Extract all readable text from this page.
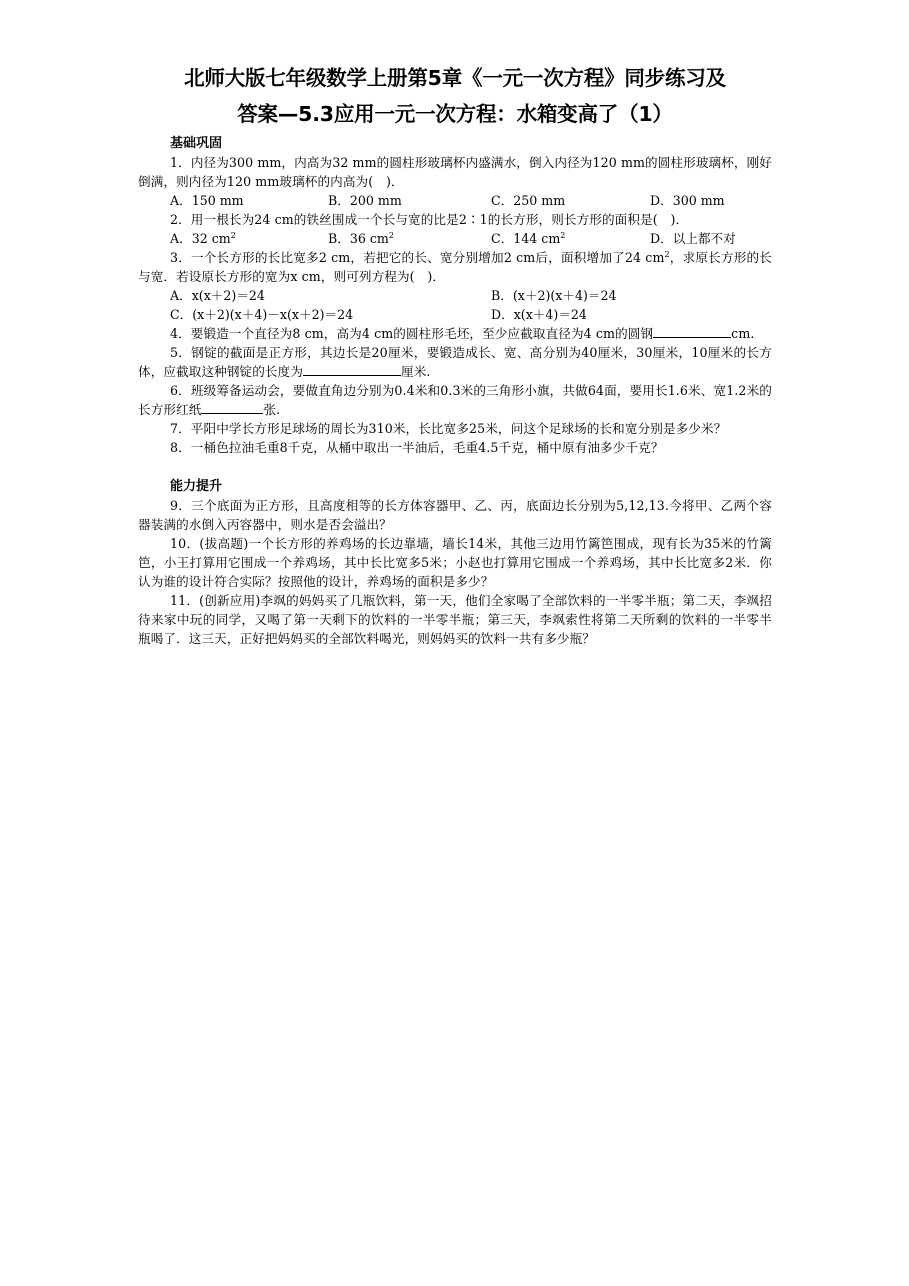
北师大版七年级数学上册第5章《一元一次方程》同步练习及
答案—5.3应用一元一次方程：水箱变高了（1）
基础巩固
1．内径为300 mm，内高为32 mm的圆柱形玻璃杯内盛满水，倒入内径为120 mm的圆柱形玻璃杯，刚好倒满，则内径为120 mm玻璃杯的内高为(　)．
A．150 mm	B．200 mm	C．250 mm	D．300 mm
2．用一根长为24 cm的铁丝围成一个长与宽的比是2∶1的长方形，则长方形的面积是(　)．
A．32 $cm^2$	B．36 $cm^2$	C．144 $cm^2$	D．以上都不对
3．一个长方形的长比宽多2 cm，若把它的长、宽分别增加2 cm后，面积增加了24 $cm^2$，求原长方形的长与宽．若设原长方形的宽为x cm，则可列方程为(　)．
A．x(x＋2)＝24	B．(x＋2)(x＋4)＝24
C．(x＋2)(x＋4)－x(x＋2)＝24	D．x(x＋4)＝24
4．要锻造一个直径为8 cm，高为4 cm的圆柱形毛坯，至少应截取直径为4 cm的圆钢	cm.
5．钢锭的截面是正方形，其边长是20厘米，要锻造成长、宽、高分别为40厘米，30厘米，10厘米的长方体，应截取这种钢锭的长度为	厘米.
6．班级筹备运动会，要做直角边分别为0.4米和0.3米的三角形小旗，共做64面，要用长1.6米、宽1.2米的长方形红纸	张.
7．平阳中学长方形足球场的周长为310米，长比宽多25米，问这个足球场的长和宽分别是多少米？
8．一桶色拉油毛重8千克，从桶中取出一半油后，毛重4.5千克，桶中原有油多少千克？
能力提升
9．三个底面为正方形，且高度相等的长方体容器甲、乙、丙，底面边长分别为5,12,13.今将甲、乙两个容器装满的水倒入丙容器中，则水是否会溢出？
10．(拔高题)一个长方形的养鸡场的长边靠墙，墙长14米，其他三边用竹篱笆围成，现有长为35米的竹篱笆，小王打算用它围成一个养鸡场，其中长比宽多5米；小赵也打算用它围成一个养鸡场，其中长比宽多2米．你认为谁的设计符合实际？按照他的设计，养鸡场的面积是多少？
11．(创新应用)李飒的妈妈买了几瓶饮料，第一天，他们全家喝了全部饮料的一半零半瓶；第二天，李飒招待来家中玩的同学，又喝了第一天剩下的饮料的一半零半瓶；第三天，李飒索性将第二天所剩的饮料的一半零半瓶喝了．这三天，正好把妈妈买的全部饮料喝光，则妈妈买的饮料一共有多少瓶？
